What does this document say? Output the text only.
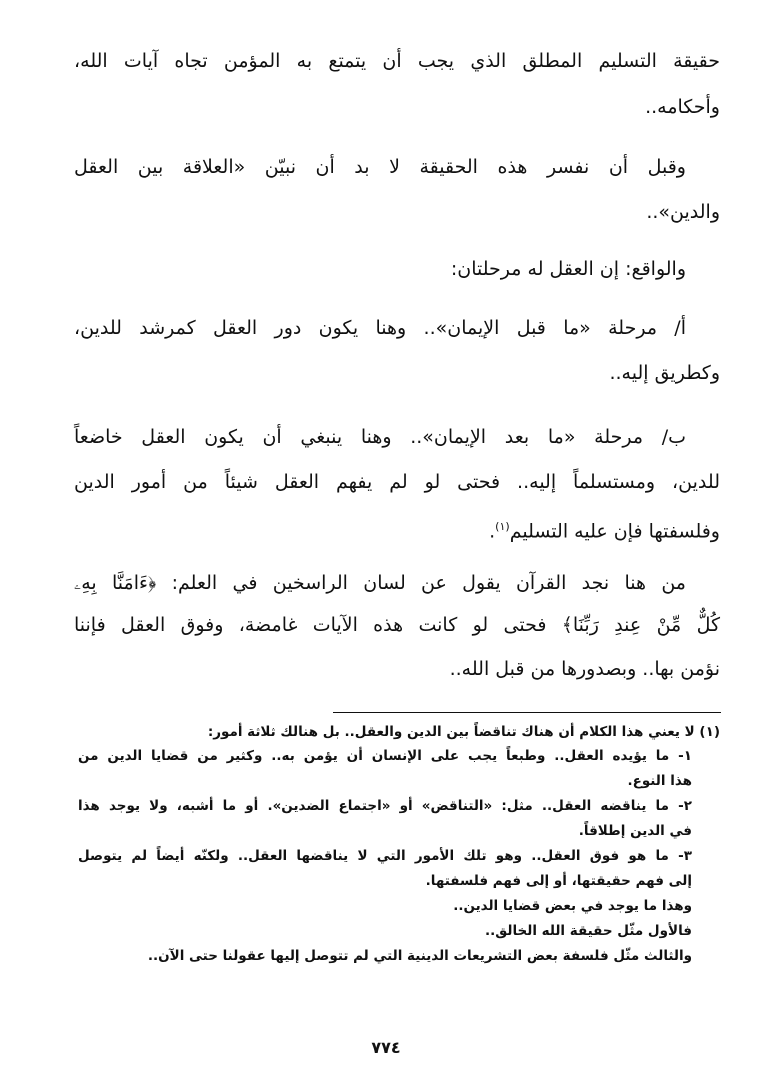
حقيقة التسليم المطلق الذي يجب أن يتمتع به المؤمن تجاه آيات الله،
وأحكامه..
وقبل أن نفسر هذه الحقيقة لا بد أن نبيّن «العلاقة بين العقل
والدين»..
والواقع: إن العقل له مرحلتان:
أ/ مرحلة «ما قبل الإيمان».. وهنا يكون دور العقل كمرشد للدين،
وكطريق إليه..
ب/ مرحلة «ما بعد الإيمان».. وهنا ينبغي أن يكون العقل خاضعاً
للدين، ومستسلماً إليه.. فحتى لو لم يفهم العقل شيئاً من أمور الدين
وفلسفتها فإن عليه التسليم$^{(١)}$.
من هنا نجد القرآن يقول عن لسان الراسخين في العلم: ﴿ءَامَنَّا بِهِۦ
كُلٌّ مِّنْ عِندِ رَبِّنَا﴾ فحتى لو كانت هذه الآيات غامضة، وفوق العقل فإننا
نؤمن بها.. وبصدورها من قبل الله..
(١) لا يعني هذا الكلام أن هناك تناقضاً بين الدين والعقل.. بل هنالك ثلاثة أمور:
١- ما يؤيده العقل.. وطبعاً يجب على الإنسان أن يؤمن به.. وكثير من قضايا الدين من
هذا النوع.
٢- ما يناقضه العقل.. مثل: «التناقض» أو «اجتماع الضدين». أو ما أشبه، ولا يوجد هذا
في الدين إطلاقاً.
٣- ما هو فوق العقل.. وهو تلك الأمور التي لا يناقضها العقل.. ولكنّه أيضاً لم يتوصل
إلى فهم حقيقتها، أو إلى فهم فلسفتها.
وهذا ما يوجد في بعض قضايا الدين..
فالأول مثّل حقيقة الله الخالق..
والثالث مثّل فلسفة بعض التشريعات الدينية التي لم تتوصل إليها عقولنا حتى الآن..
٧٧٤
